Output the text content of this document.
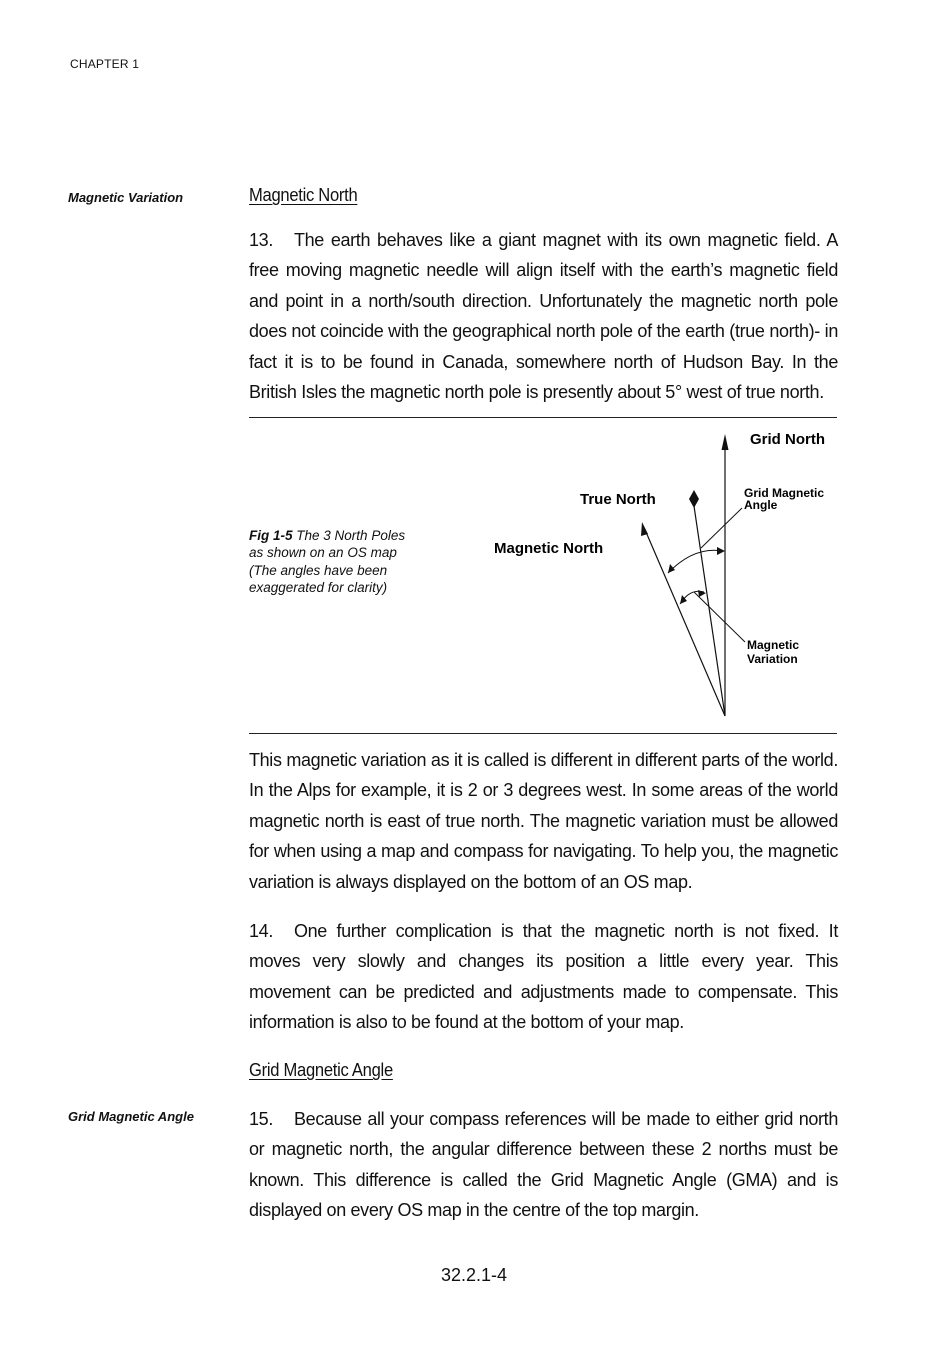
CHAPTER 1
Magnetic Variation	Magnetic North
13. The earth behaves like a giant magnet with its own magnetic field. A free moving magnetic needle will align itself with the earth’s magnetic field and point in a north/south direction. Unfortunately the magnetic north pole does not coincide with the geographical north pole of the earth (true north)- in fact it is to be found in Canada, somewhere north of Hudson Bay. In the British Isles the magnetic north pole is presently about 5° west of true north.
Fig 1-5 The 3 North Poles as shown on an OS map (The angles have been exaggerated for clarity)
Grid North
True North
Magnetic North
Grid Magnetic
Angle
Magnetic
Variation
This magnetic variation as it is called is different in different parts of the world. In the Alps for example, it is 2 or 3 degrees west. In some areas of the world magnetic north is east of true north. The magnetic variation must be allowed for when using a map and compass for navigating. To help you, the magnetic variation is always displayed on the bottom of an OS map.
14. One further complication is that the magnetic north is not fixed. It moves very slowly and changes its position a little every year. This movement can be predicted and adjustments made to compensate. This information is also to be found at the bottom of your map.
Grid Magnetic Angle
Grid Magnetic Angle	15. Because all your compass references will be made to either grid north or magnetic north, the angular difference between these 2 norths must be known. This difference is called the Grid Magnetic Angle (GMA) and is displayed on every OS map in the centre of the top margin.
32.2.1-4
